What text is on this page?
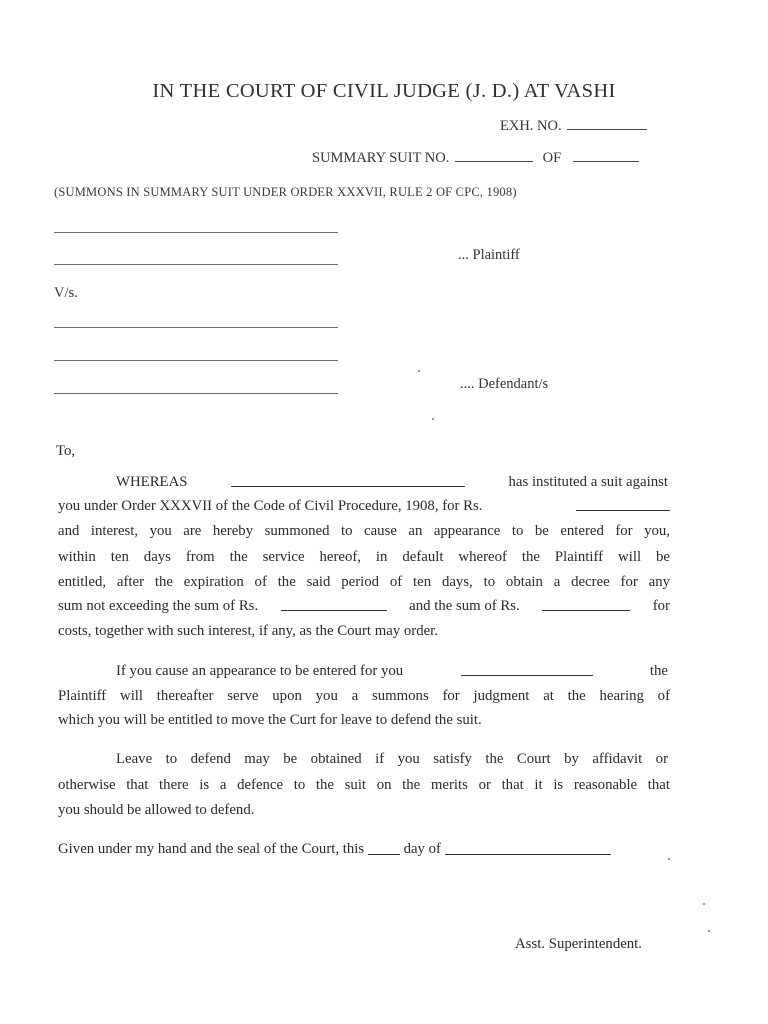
IN THE COURT OF CIVIL JUDGE (J. D.) AT VASHI
EXH. NO.
SUMMARY SUIT NO.	OF
(SUMMONS IN SUMMARY SUIT UNDER ORDER XXXVII, RULE 2 OF CPC, 1908)
... Plaintiff
V/s.
.... Defendant/s
To,
WHEREAS	has instituted a suit against
you under Order XXXVII of the Code of Civil Procedure, 1908, for Rs.
and interest, you are hereby summoned to cause an appearance to be entered for you,
within ten days from the service hereof, in default whereof the Plaintiff will be
entitled, after the expiration of the said period of ten days, to obtain a decree for any
sum not exceeding the sum of Rs.	and the sum of Rs.	for
costs, together with such interest, if any, as the Court may order.
If you cause an appearance to be entered for you	the
Plaintiff will thereafter serve upon you a summons for judgment at the hearing of
which you will be entitled to move the Curt for leave to defend the suit.
Leave to defend may be obtained if you satisfy the Court by affidavit or
otherwise that there is a defence to the suit on the merits or that it is reasonable that
you should be allowed to defend.
Given under my hand and the seal of the Court, this	day of
Asst. Superintendent.
